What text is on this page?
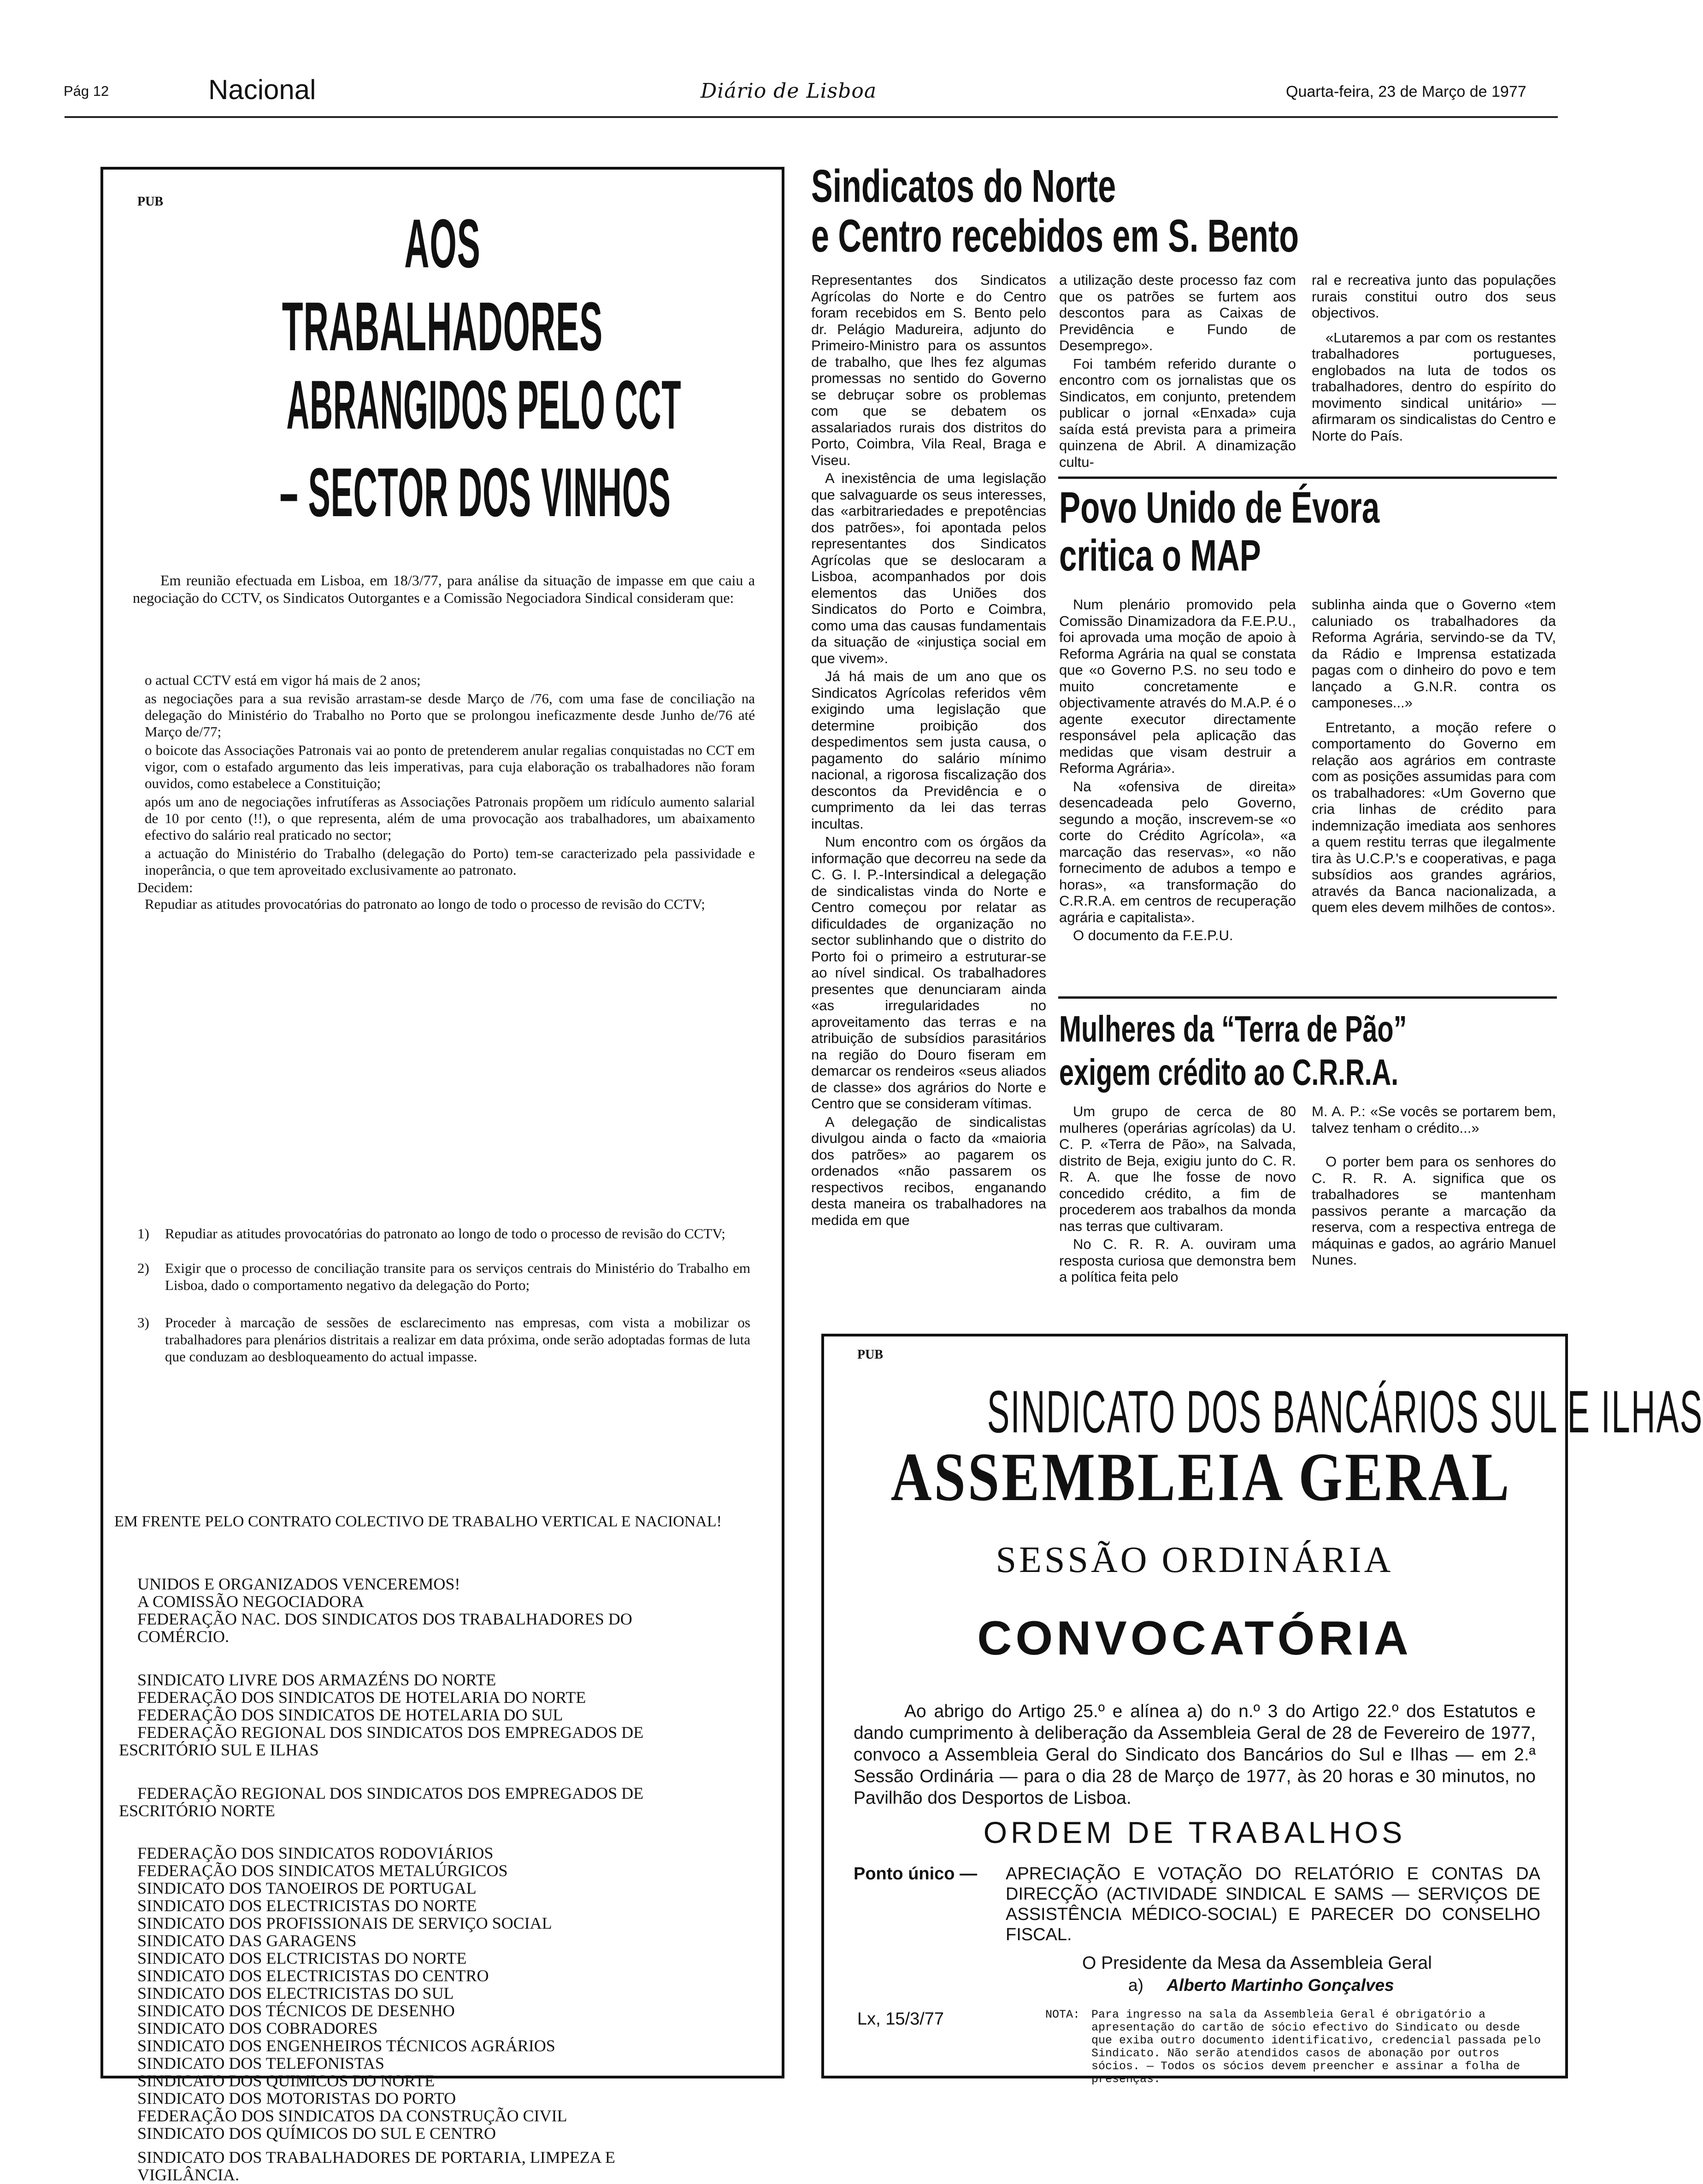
Pág 12	Nacional	Diário de Lisboa	Quarta-feira, 23 de Março de 1977
PUB
AOS
TRABALHADORES
ABRANGIDOS PELO CCT
– SECTOR DOS VINHOS
Em reunião efectuada em Lisboa, em 18/3/77, para análise da situação de impasse em que caiu a negociação do CCTV, os Sindicatos Outorgantes e a Comissão Negociadora Sindical consideram que:

o actual CCTV está em vigor há mais de 2 anos;

as negociações para a sua revisão arrastam-se desde Março de /76, com uma fase de conciliação na delegação do Ministério do Trabalho no Porto que se prolongou ineficazmente desde Junho de/76 até Março de/77;

o boicote das Associações Patronais vai ao ponto de pretenderem anular regalias conquistadas no CCT em vigor, com o estafado argumento das leis imperativas, para cuja elaboração os trabalhadores não foram ouvidos, como estabelece a Constituição;

após um ano de negociações infrutíferas as Associações Patronais propõem um ridículo aumento salarial de 10 por cento (!!), o que representa, além de uma provocação aos trabalhadores, um abaixamento efectivo do salário real praticado no sector;

a actuação do Ministério do Trabalho (delegação do Porto) tem-se caracterizado pela passividade e inoperância, o que tem aproveitado exclusivamente ao patronato.

Decidem:

Repudiar as atitudes provocatórias do patronato ao longo de todo o processo de revisão do CCTV;

1)	Repudiar as atitudes provocatórias do patronato ao longo de todo o processo de revisão do CCTV;
2)	Exigir que o processo de conciliação transite para os serviços centrais do Ministério do Trabalho em Lisboa, dado o comportamento negativo da delegação do Porto;
3)	Proceder à marcação de sessões de esclarecimento nas empresas, com vista a mobilizar os trabalhadores para plenários distritais a realizar em data próxima, onde serão adoptadas formas de luta que conduzam ao desbloqueamento do actual impasse.
EM FRENTE PELO CONTRATO COLECTIVO DE TRABALHO VERTICAL E NACIONAL!

UNIDOS E ORGANIZADOS VENCEREMOS!

A COMISSÃO NEGOCIADORA

FEDERAÇÃO NAC. DOS SINDICATOS DOS TRABALHADORES DO

COMÉRCIO.

SINDICATO LIVRE DOS ARMAZÉNS DO NORTE

FEDERAÇÃO DOS SINDICATOS DE HOTELARIA DO NORTE

FEDERAÇÃO DOS SINDICATOS DE HOTELARIA DO SUL

FEDERAÇÃO REGIONAL DOS SINDICATOS DOS EMPREGADOS DE

ESCRITÓRIO SUL E ILHAS

FEDERAÇÃO REGIONAL DOS SINDICATOS DOS EMPREGADOS DE

ESCRITÓRIO NORTE

FEDERAÇÃO DOS SINDICATOS RODOVIÁRIOS

FEDERAÇÃO DOS SINDICATOS METALÚRGICOS

SINDICATO DOS TANOEIROS DE PORTUGAL

SINDICATO DOS ELECTRICISTAS DO NORTE

SINDICATO DOS PROFISSIONAIS DE SERVIÇO SOCIAL

SINDICATO DAS GARAGENS

SINDICATO DOS ELCTRICISTAS DO NORTE

SINDICATO DOS ELECTRICISTAS DO CENTRO

SINDICATO DOS ELECTRICISTAS DO SUL

SINDICATO DOS TÉCNICOS DE DESENHO

SINDICATO DOS COBRADORES

SINDICATO DOS ENGENHEIROS TÉCNICOS AGRÁRIOS

SINDICATO DOS TELEFONISTAS

SINDICATO DOS QUIMICOS DO NORTE

SINDICATO DOS MOTORISTAS DO PORTO

FEDERAÇÃO DOS SINDICATOS DA CONSTRUÇÃO CIVIL

SINDICATO DOS QUÍMICOS DO SUL E CENTRO

SINDICATO DOS TRABALHADORES DE PORTARIA, LIMPEZA E

VIGILÂNCIA.

Sindicatos do Norte
e Centro recebidos em S. Bento

Representantes dos Sindicatos Agrícolas do Norte e do Centro foram recebidos em S. Bento pelo dr. Pelágio Madureira, adjunto do Primeiro-Ministro para os assuntos de trabalho, que lhes fez algumas promessas no sentido do Governo se debruçar sobre os problemas com que se debatem os assalariados rurais dos distritos do Porto, Coimbra, Vila Real, Braga e Viseu.

A inexistência de uma legislação que salvaguarde os seus interesses, das «arbitrariedades e prepotências dos patrões», foi apontada pelos representantes dos Sindicatos Agrícolas que se deslocaram a Lisboa, acompanhados por dois elementos das Uniões dos Sindicatos do Porto e Coimbra, como uma das causas fundamentais da situação de «injustiça social em que vivem».

Já há mais de um ano que os Sindicatos Agrícolas referidos vêm exigindo uma legislação que determine proibição dos despedimentos sem justa causa, o pagamento do salário mínimo nacional, a rigorosa fiscalização dos descontos da Previdência e o cumprimento da lei das terras incultas.

Num encontro com os órgãos da informação que decorreu na sede da C. G. I. P.-Intersindical a delegação de sindicalistas vinda do Norte e Centro começou por relatar as dificuldades de organização no sector sublinhando que o distrito do Porto foi o primeiro a estruturar-se ao nível sindical. Os trabalhadores presentes que denunciaram ainda «as irregularidades no aproveitamento das terras e na atribuição de subsídios parasitários na região do Douro fiseram em demarcar os rendeiros «seus aliados de classe» dos agrários do Norte e Centro que se consideram vítimas.

A delegação de sindicalistas divulgou ainda o facto da «maioria dos patrões» ao pagarem os ordenados «não passarem os respectivos recibos, enganando desta maneira os trabalhadores na medida em que

a utilização deste processo faz com que os patrões se furtem aos descontos para as Caixas de Previdência e Fundo de Desemprego».

Foi também referido durante o encontro com os jornalistas que os Sindicatos, em conjunto, pretendem publicar o jornal «Enxada» cuja saída está prevista para a primeira quinzena de Abril. A dinamização cultu-

ral e recreativa junto das populações rurais constitui outro dos seus objectivos.

«Lutaremos a par com os restantes trabalhadores portugueses, englobados na luta de todos os trabalhadores, dentro do espírito do movimento sindical unitário» — afirmaram os sindicalistas do Centro e Norte do País.

Povo Unido de Évora
critica o MAP

Num plenário promovido pela Comissão Dinamizadora da F.E.P.U., foi aprovada uma moção de apoio à Reforma Agrária na qual se constata que «o Governo P.S. no seu todo e muito concretamente e objectivamente através do M.A.P. é o agente executor directamente responsável pela aplicação das medidas que visam destruir a Reforma Agrária».

Na «ofensiva de direita» desencadeada pelo Governo, segundo a moção, inscrevem-se «o corte do Crédito Agrícola», «a marcação das reservas», «o não fornecimento de adubos a tempo e horas», «a transformação do C.R.R.A. em centros de recuperação agrária e capitalista».

O documento da F.E.P.U.

sublinha ainda que o Governo «tem caluniado os trabalhadores da Reforma Agrária, servindo-se da TV, da Rádio e Imprensa estatizada pagas com o dinheiro do povo e tem lançado a G.N.R. contra os camponeses...»

Entretanto, a moção refere o comportamento do Governo em relação aos agrários em contraste com as posições assumidas para com os trabalhadores: «Um Governo que cria linhas de crédito para indemnização imediata aos senhores a quem restitu terras que ilegalmente tira às U.C.P.'s e cooperativas, e paga subsídios aos grandes agrários, através da Banca nacionalizada, a quem eles devem milhões de contos».

Mulheres da “Terra de Pão”
exigem crédito ao C.R.R.A.

Um grupo de cerca de 80 mulheres (operárias agrícolas) da U. C. P. «Terra de Pão», na Salvada, distrito de Beja, exigiu junto do C. R. R. A. que lhe fosse de novo concedido crédito, a fim de procederem aos trabalhos da monda nas terras que cultivaram.

No C. R. R. A. ouviram uma resposta curiosa que demonstra bem a política feita pelo

M. A. P.: «Se vocês se portarem bem, talvez tenham o crédito...»

O porter bem para os senhores do C. R. R. A. significa que os trabalhadores se mantenham passivos perante a marcação da reserva, com a respectiva entrega de máquinas e gados, ao agrário Manuel Nunes.

PUB
SINDICATO DOS BANCÁRIOS SUL E ILHAS
ASSEMBLEIA GERAL
SESSÃO ORDINÁRIA
CONVOCATÓRIA
Ao abrigo do Artigo 25.º e alínea a) do n.º 3 do Artigo 22.º dos Estatutos e dando cumprimento à deliberação da Assembleia Geral de 28 de Fevereiro de 1977, convoco a Assembleia Geral do Sindicato dos Bancários do Sul e Ilhas — em 2.ª Sessão Ordinária — para o dia 28 de Março de 1977, às 20 horas e 30 minutos, no Pavilhão dos Desportos de Lisboa.
ORDEM DE TRABALHOS
Ponto único —	APRECIAÇÃO E VOTAÇÃO DO RELATÓRIO E CONTAS DA DIRECÇÃO (ACTIVIDADE SINDICAL E SAMS — SERVIÇOS DE ASSISTÊNCIA MÉDICO-SOCIAL) E PARECER DO CONSELHO FISCAL.
O Presidente da Mesa da Assembleia Geral
a) Alberto Martinho Gonçalves
Lx, 15/3/77	NOTA: Para ingresso na sala da Assembleia Geral é obrigatório a apresentação do cartão de sócio efectivo do Sindicato ou desde que exiba outro documento identificativo, credencial passada pelo Sindicato. Não serão atendidos casos de abonação por outros sócios. — Todos os sócios devem preencher e assinar a folha de presenças.
